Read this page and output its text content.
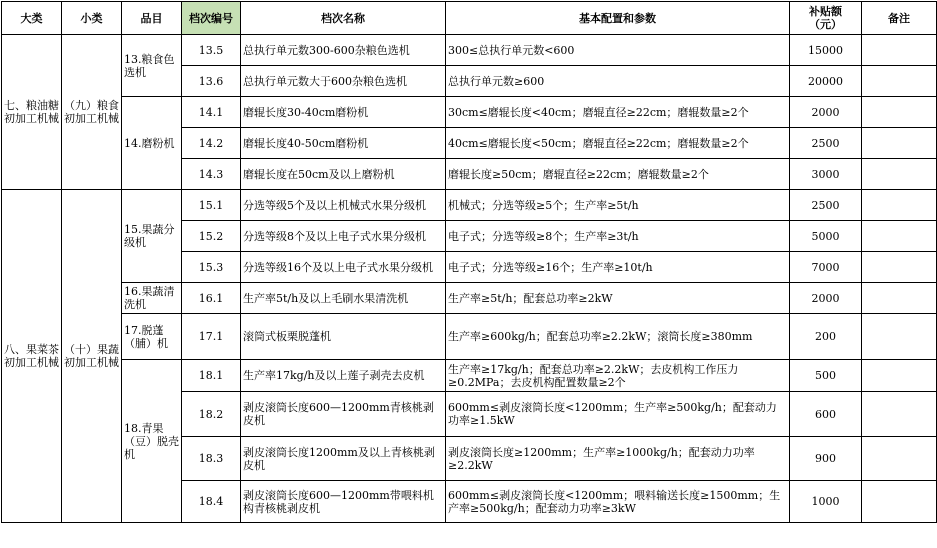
大类	小类	品目	档次编号	档次名称	基本配置和参数	补贴额
（元）	备注
七、粮油糖初加工机械	（九）粮食初加工机械	13.粮食色选机	13.5	总执行单元数300-600杂粮色选机	300≤总执行单元数<600	15000	
			13.6	总执行单元数大于600杂粮色选机	总执行单元数≥600	20000	
		14.磨粉机	14.1	磨辊长度30-40cm磨粉机	30cm≤磨辊长度<40cm；磨辊直径≥22cm；磨辊数量≥2个	2000	
			14.2	磨辊长度40-50cm磨粉机	40cm≤磨辊长度<50cm；磨辊直径≥22cm；磨辊数量≥2个	2500	
			14.3	磨辊长度在50cm及以上磨粉机	磨辊长度≥50cm；磨辊直径≥22cm；磨辊数量≥2个	3000	
八、果菜茶初加工机械	（十）果蔬初加工机械	15.果蔬分级机	15.1	分选等级5个及以上机械式水果分级机	机械式；分选等级≥5个；生产率≥5t/h	2500	
			15.2	分选等级8个及以上电子式水果分级机	电子式；分选等级≥8个；生产率≥3t/h	5000	
			15.3	分选等级16个及以上电子式水果分级机	电子式；分选等级≥16个；生产率≥10t/h	7000	
		16.果蔬清洗机	16.1	生产率5t/h及以上毛刷水果清洗机	生产率≥5t/h；配套总功率≥2kW	2000	
		17.脱蓬（脯）机	17.1	滚筒式板栗脱蓬机	生产率≥600kg/h；配套总功率≥2.2kW；滚筒长度≥380mm	200	
		18.青果（豆）脱壳机	18.1	生产率17kg/h及以上莲子剥壳去皮机	生产率≥17kg/h；配套总功率≥2.2kW；去皮机构工作压力≥0.2MPa；去皮机构配置数量≥2个	500	
			18.2	剥皮滚筒长度600—1200mm青核桃剥皮机	600mm≤剥皮滚筒长度<1200mm；生产率≥500kg/h；配套动力功率≥1.5kW	600	
			18.3	剥皮滚筒长度1200mm及以上青核桃剥皮机	剥皮滚筒长度≥1200mm；生产率≥1000kg/h；配套动力功率≥2.2kW	900	
			18.4	剥皮滚筒长度600—1200mm带喂料机构青核桃剥皮机	600mm≤剥皮滚筒长度<1200mm；喂料输送长度≥1500mm；生产率≥500kg/h；配套动力功率≥3kW	1000	
